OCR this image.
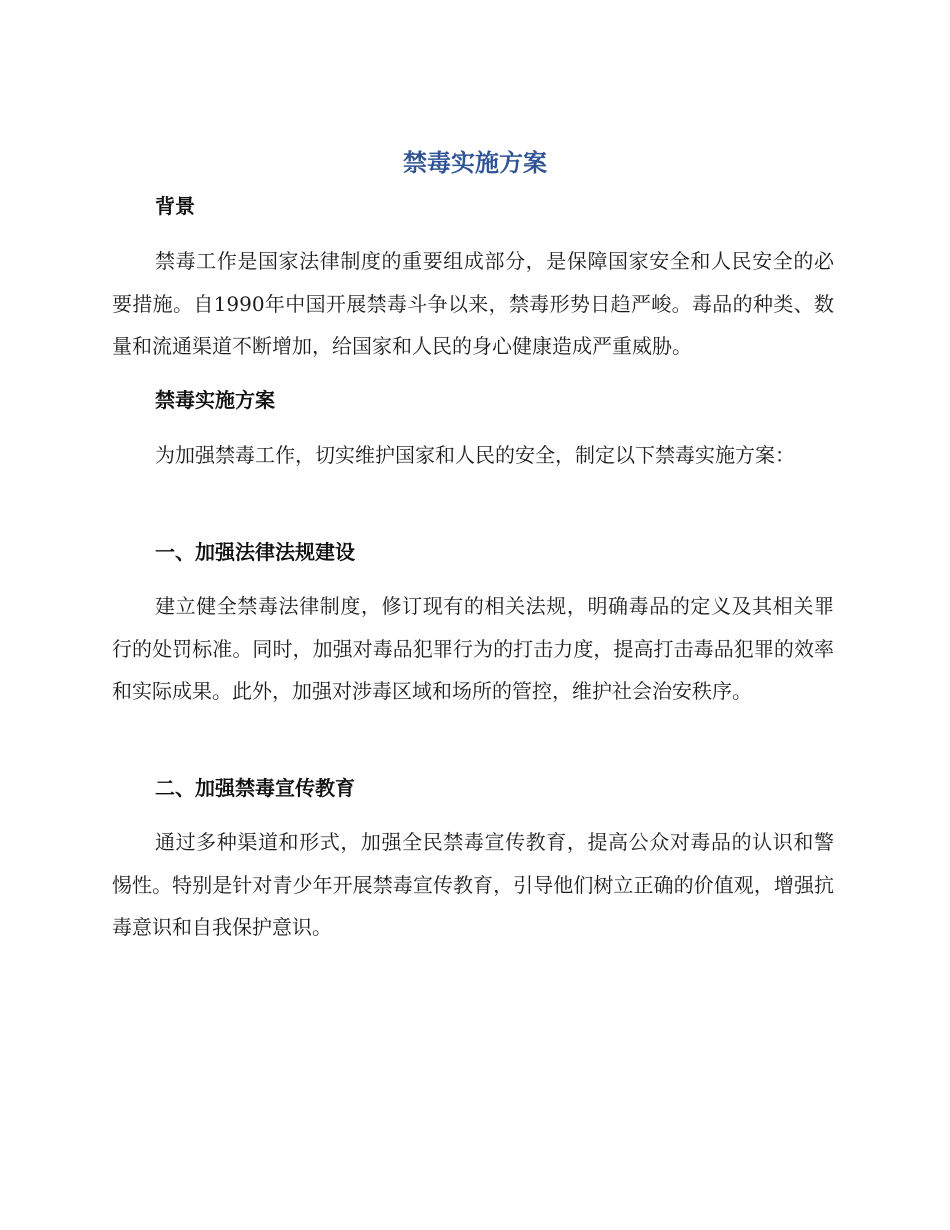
禁毒实施方案
背景
禁毒工作是国家法律制度的重要组成部分，是保障国家安全和人民安全的必要措施。自1990年中国开展禁毒斗争以来，禁毒形势日趋严峻。毒品的种类、数量和流通渠道不断增加，给国家和人民的身心健康造成严重威胁。
禁毒实施方案
为加强禁毒工作，切实维护国家和人民的安全，制定以下禁毒实施方案：
一、加强法律法规建设
建立健全禁毒法律制度，修订现有的相关法规，明确毒品的定义及其相关罪行的处罚标准。同时，加强对毒品犯罪行为的打击力度，提高打击毒品犯罪的效率和实际成果。此外，加强对涉毒区域和场所的管控，维护社会治安秩序。
二、加强禁毒宣传教育
通过多种渠道和形式，加强全民禁毒宣传教育，提高公众对毒品的认识和警惕性。特别是针对青少年开展禁毒宣传教育，引导他们树立正确的价值观，增强抗毒意识和自我保护意识。
